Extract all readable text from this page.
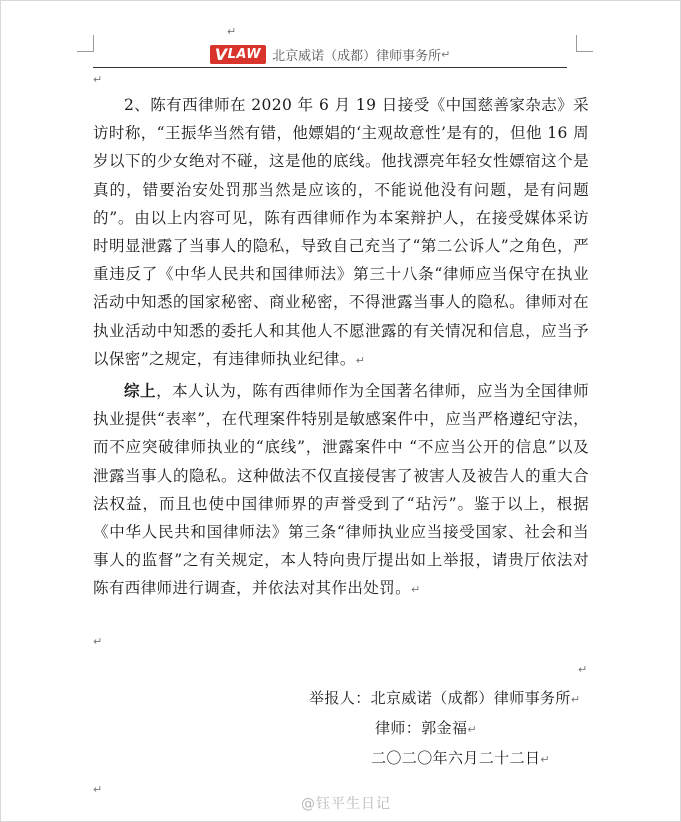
↵
V LAW 北京威诺（成都）律师事务所 ↵
↵

2、陈有西律师在 2020 年 6 月 19 日接受《中国慈善家杂志》采访时称，“王振华当然有错，他嫖娼的‘主观故意性’是有的，但他 16 周岁以下的少女绝对不碰，这是他的底线。他找漂亮年轻女性嫖宿这个是真的，错要治安处罚那当然是应该的，不能说他没有问题，是有问题的”。由以上内容可见，陈有西律师作为本案辩护人，在接受媒体采访时明显泄露了当事人的隐私，导致自己充当了“第二公诉人”之角色，严重违反了《中华人民共和国律师法》第三十八条“律师应当保守在执业活动中知悉的国家秘密、商业秘密，不得泄露当事人的隐私。律师对在执业活动中知悉的委托人和其他人不愿泄露的有关情况和信息，应当予以保密”之规定，有违律师执业纪律。↵

综上，本人认为，陈有西律师作为全国著名律师，应当为全国律师执业提供“表率”，在代理案件特别是敏感案件中，应当严格遵纪守法，而不应突破律师执业的“底线”，泄露案件中 “不应当公开的信息”以及泄露当事人的隐私。这种做法不仅直接侵害了被害人及被告人的重大合法权益，而且也使中国律师界的声誉受到了“玷污”。鉴于以上，根据《中华人民共和国律师法》第三条“律师执业应当接受国家、社会和当事人的监督”之有关规定，本人特向贵厅提出如上举报，请贵厅依法对陈有西律师进行调查，并依法对其作出处罚。↵

↵
↵
举报人：北京威诺（成都）律师事务所↵
律师：郭金福↵
二〇二〇年六月二十二日↵
↵
@钰平生日记
